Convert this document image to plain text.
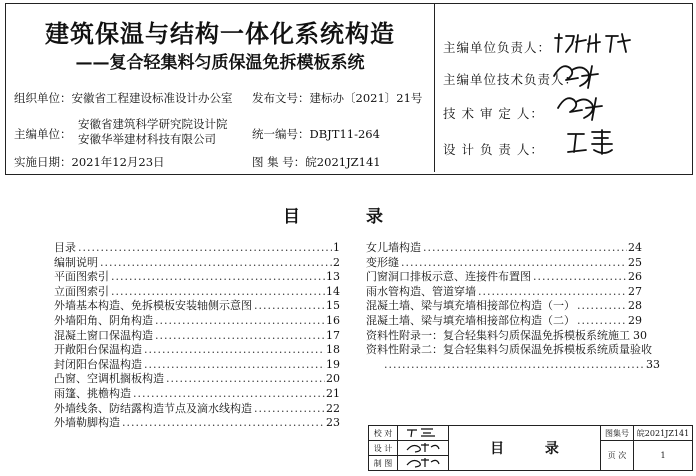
建筑保温与结构一体化系统构造
——复合轻集料匀质保温免拆模板系统
组织单位：安徽省工程建设标准设计办公室 发布文号：建标办〔2021〕21号
主编单位：
安徽省建筑科学研究院设计院
安徽华举建材科技有限公司	统一编号：DBJT11-264
实施日期：2021年12月23日	图 集 号：皖2021JZ141
主编单位负责人：
主编单位技术负责人：
技 术 审 定 人：
设 计 负 责 人：
目 录
目录 .....	1
编制说明 .....	2
平面图索引 .....	13
立面图索引 .....	14
外墙基本构造、免拆模板安装轴侧示意图 .....	15
外墙阳角、阴角构造 .....	16
混凝土窗口保温构造 .....	17
开敞阳台保温构造 .....	18
封闭阳台保温构造 .....	19
凸窗、空调机搁板构造 .....	20
雨篷、挑檐构造 .....	21
外墙线条、防结露构造节点及滴水线构造 .....	22
外墙勒脚构造 .....	23
女儿墙构造 .....	24
变形缝 .....	25
门窗洞口排板示意、连接件布置图 .....	26
雨水管构造、管道穿墙 .....	27
混凝土墙、梁与填充墙相接部位构造（一） .....	28
混凝土墙、梁与填充墙相接部位构造（二） .....	29
资料性附录一：复合轻集料匀质保温免拆模板系统施工 30
资料性附录二：复合轻集料匀质保温免拆模板系统质量验收
.....
33
校 对		目 录	图集号	皖2021JZ141
设 计			页 次	1
制 图	
